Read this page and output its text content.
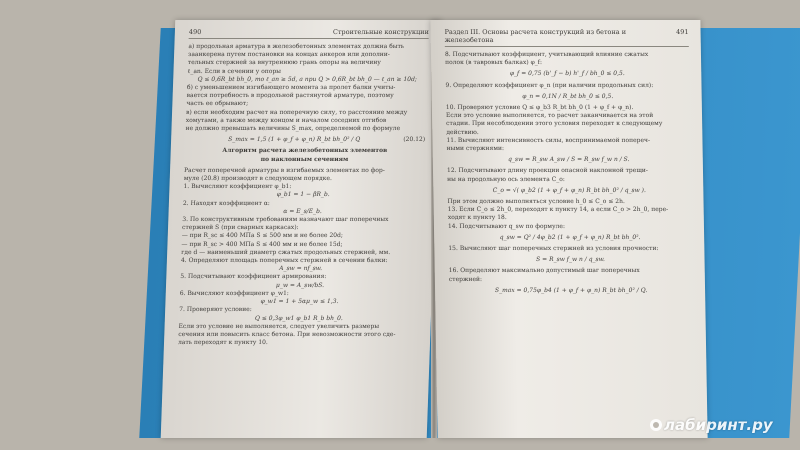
490	Строительные конструкции
а) продольная арматура в железобетонных элементах должна быть
заанкерена путем постановки на концах анкеров или дополни-
тельных стержней за внутреннюю грань опоры на величину
ℓ_an. Если в сечении у опоры
Q ≤ 0,6R_bt bh_0, то ℓ_an ≥ 5d, а при Q > 0,6R_bt bh_0 — ℓ_an ≥ 10d;
б) с уменьшением изгибающего момента за пролет балки учиты-
вается потребность в продольной растянутой арматуре, поэтому
часть ее обрывают;
в) если необходим расчет на поперечную силу, то расстояние между
хомутами, а также между концом и началом соседних отгибов
не должно превышать величины S_max, определяемой по формуле
S_max = 1,5 (1 + φ_f + φ_n) R_bt bh_0² / Q	(20.12)
Алгоритм расчета железобетонных элементов
по наклонным сечениям
Расчет поперечной арматуры в изгибаемых элементах по фор-
муле (20.8) производят в следующем порядке.
1. Вычисляют коэффициент φ_b1:
φ_b1 = 1 − βR_b.
2. Находят коэффициент α:
α = E_s/E_b.
3. По конструктивным требованиям назначают шаг поперечных
стержней S (при сварных каркасах):
— при R_sc ≤ 400 МПа S ≤ 500 мм и не более 20d;
— при R_sc > 400 МПа S ≤ 400 мм и не более 15d;
где d — наименьший диаметр сжатых продольных стержней, мм.
4. Определяют площадь поперечных стержней в сечении балки:
A_sw = nf_sw.
5. Подсчитывают коэффициент армирования:
μ_w = A_sw/bS.
6. Вычисляют коэффициент φ_w1:
φ_w1 = 1 + 5αμ_w ≤ 1,3.
7. Проверяют условие:
Q ≤ 0,3φ_w1 φ_b1 R_b bh_0.
Если это условие не выполняется, следует увеличить размеры
сечения или повысить класс бетона. При невозможности этого сде-
лать переходят к пункту 10.
Раздел III. Основы расчета конструкций из бетона и железобетона
491
8. Подсчитывают коэффициент, учитывающий влияние сжатых
полок (в тавровых балках) φ_f:
φ_f = 0,75 (b'_f − b) h'_f / bh_0 ≤ 0,5.
9. Определяют коэффициент φ_n (при наличии продольных сил):
φ_n = 0,1N / R_bt bh_0 ≤ 0,5.
10. Проверяют условие Q ≤ φ_b3 R_bt bh_0 (1 + φ_f + φ_n).
Если это условие выполняется, то расчет заканчивается на этой
стадии. При несоблюдении этого условия переходят к следующему
действию.
11. Вычисляют интенсивность силы, воспринимаемой попереч-
ными стержнями:
q_sw = R_sw A_sw / S = R_sw f_w n / S.
12. Подсчитывают длину проекции опасной наклонной трещи-
ны на продольную ось элемента C_o:
C_o = √( φ_b2 (1 + φ_f + φ_n) R_bt bh_0² / q_sw ).
При этом должно выполняться условие h_0 ≤ C_o ≤ 2h.
13. Если C_o ≤ 2h_0, переходят к пункту 14, а если C_o > 2h_0, пере-
ходят к пункту 18.
14. Подсчитывают q_sw по формуле:
q_sw = Q² / 4φ_b2 (1 + φ_f + φ_n) R_bt bh_0².
15. Вычисляют шаг поперечных стержней из условия прочности:
S = R_sw f_w n / q_sw.
16. Определяют максимально допустимый шаг поперечных
стержней:
S_max = 0,75φ_b4 (1 + φ_f + φ_n) R_bt bh_0² / Q.
лабиринт.ру
